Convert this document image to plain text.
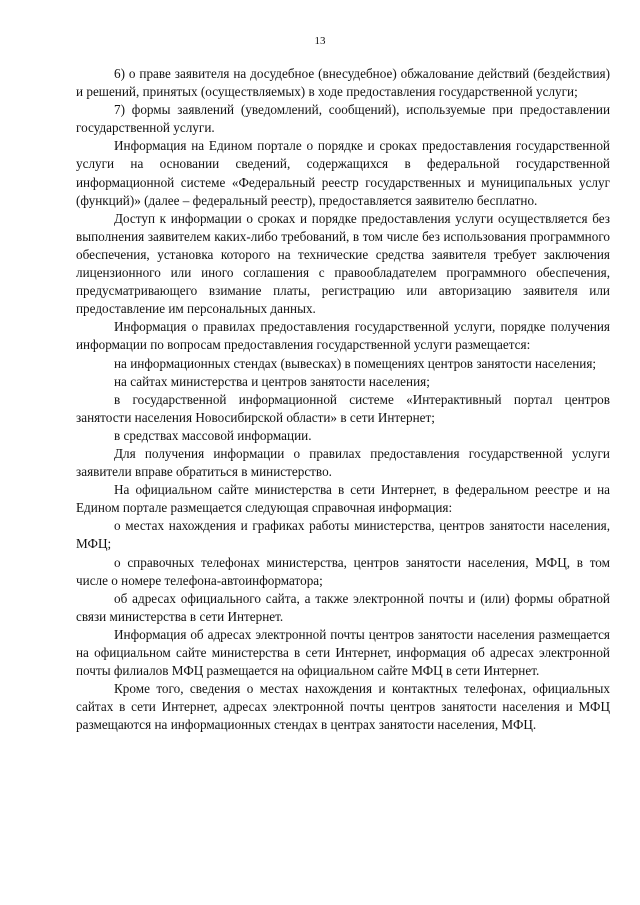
13

6) о праве заявителя на досудебное (внесудебное) обжалование действий (бездействия) и решений, принятых (осуществляемых) в ходе предоставления государственной услуги;

7) формы заявлений (уведомлений, сообщений), используемые при предоставлении государственной услуги.

Информация на Едином портале о порядке и сроках предоставления государственной услуги на основании сведений, содержащихся в федеральной государственной информационной системе «Федеральный реестр государственных и муниципальных услуг (функций)» (далее – федеральный реестр), предоставляется заявителю бесплатно.

Доступ к информации о сроках и порядке предоставления услуги осуществляется без выполнения заявителем каких-либо требований, в том числе без использования программного обеспечения, установка которого на технические средства заявителя требует заключения лицензионного или иного соглашения с правообладателем программного обеспечения, предусматривающего взимание платы, регистрацию или авторизацию заявителя или предоставление им персональных данных.

Информация о правилах предоставления государственной услуги, порядке получения информации по вопросам предоставления государственной услуги размещается:

на информационных стендах (вывесках) в помещениях центров занятости населения;

на сайтах министерства и центров занятости населения;

в государственной информационной системе «Интерактивный портал центров занятости населения Новосибирской области» в сети Интернет;

в средствах массовой информации.

Для получения информации о правилах предоставления государственной услуги заявители вправе обратиться в министерство.

На официальном сайте министерства в сети Интернет, в федеральном реестре и на Едином портале размещается следующая справочная информация:

о местах нахождения и графиках работы министерства, центров занятости населения, МФЦ;

о справочных телефонах министерства, центров занятости населения, МФЦ, в том числе о номере телефона-автоинформатора;

об адресах официального сайта, а также электронной почты и (или) формы обратной связи министерства в сети Интернет.

Информация об адресах электронной почты центров занятости населения размещается на официальном сайте министерства в сети Интернет, информация об адресах электронной почты филиалов МФЦ размещается на официальном сайте МФЦ в сети Интернет.

Кроме того, сведения о местах нахождения и контактных телефонах, официальных сайтах в сети Интернет, адресах электронной почты центров занятости населения и МФЦ размещаются на информационных стендах в центрах занятости населения, МФЦ.
